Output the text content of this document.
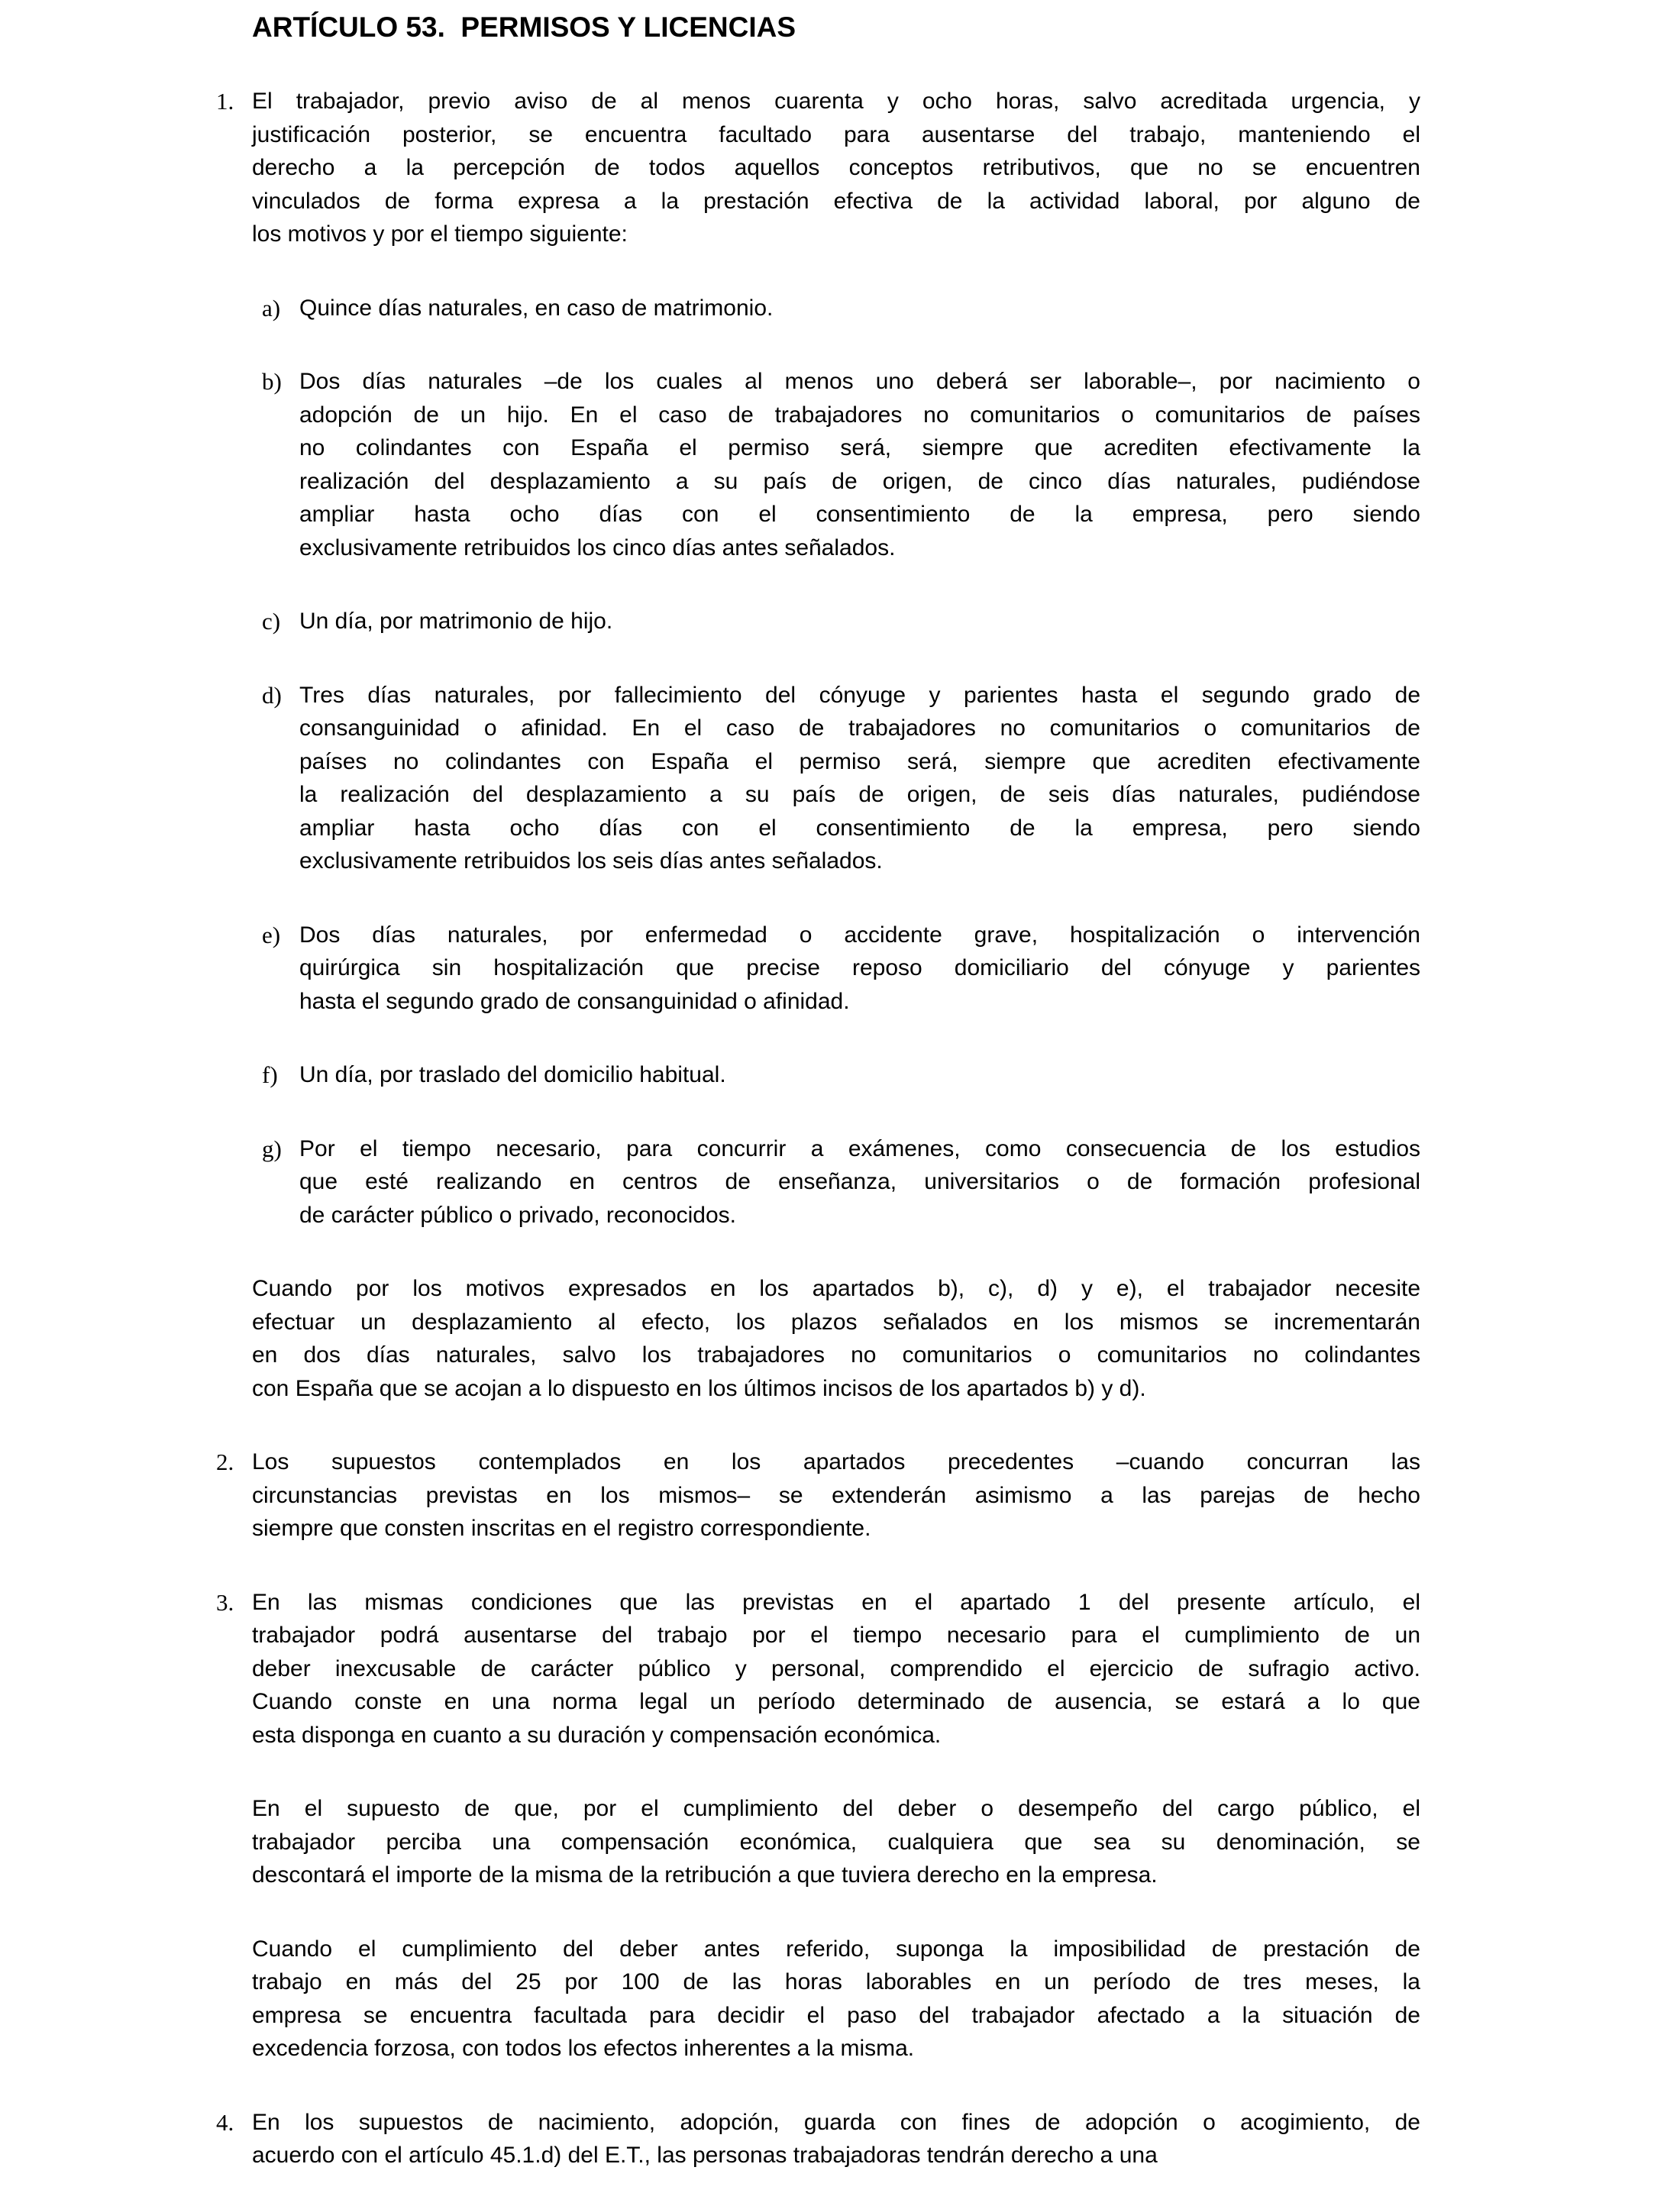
ARTÍCULO 53.  PERMISOS Y LICENCIAS
1. El trabajador, previo aviso de al menos cuarenta y ocho horas, salvo acreditada urgencia, y
justificación posterior, se encuentra facultado para ausentarse del trabajo, manteniendo el
derecho a la percepción de todos aquellos conceptos retributivos, que no se encuentren
vinculados de forma expresa a la prestación efectiva de la actividad laboral, por alguno de
los motivos y por el tiempo siguiente:
a) Quince días naturales, en caso de matrimonio.
b) Dos días naturales –de los cuales al menos uno deberá ser laborable–, por nacimiento o
adopción de un hijo. En el caso de trabajadores no comunitarios o comunitarios de países
no colindantes con España el permiso será, siempre que acrediten efectivamente la
realización del desplazamiento a su país de origen, de cinco días naturales, pudiéndose
ampliar hasta ocho días con el consentimiento de la empresa, pero siendo
exclusivamente retribuidos los cinco días antes señalados.
c) Un día, por matrimonio de hijo.
d) Tres días naturales, por fallecimiento del cónyuge y parientes hasta el segundo grado de
consanguinidad o afinidad. En el caso de trabajadores no comunitarios o comunitarios de
países no colindantes con España el permiso será, siempre que acrediten efectivamente
la realización del desplazamiento a su país de origen, de seis días naturales, pudiéndose
ampliar hasta ocho días con el consentimiento de la empresa, pero siendo
exclusivamente retribuidos los seis días antes señalados.
e) Dos días naturales, por enfermedad o accidente grave, hospitalización o intervención
quirúrgica sin hospitalización que precise reposo domiciliario del cónyuge y parientes
hasta el segundo grado de consanguinidad o afinidad.
f) Un día, por traslado del domicilio habitual.
g) Por el tiempo necesario, para concurrir a exámenes, como consecuencia de los estudios
que esté realizando en centros de enseñanza, universitarios o de formación profesional
de carácter público o privado, reconocidos.
Cuando por los motivos expresados en los apartados b), c), d) y e), el trabajador necesite
efectuar un desplazamiento al efecto, los plazos señalados en los mismos se incrementarán
en dos días naturales, salvo los trabajadores no comunitarios o comunitarios no colindantes
con España que se acojan a lo dispuesto en los últimos incisos de los apartados b) y d).
2. Los supuestos contemplados en los apartados precedentes –cuando concurran las
circunstancias previstas en los mismos– se extenderán asimismo a las parejas de hecho
siempre que consten inscritas en el registro correspondiente.
3. En las mismas condiciones que las previstas en el apartado 1 del presente artículo, el
trabajador podrá ausentarse del trabajo por el tiempo necesario para el cumplimiento de un
deber inexcusable de carácter público y personal, comprendido el ejercicio de sufragio activo.
Cuando conste en una norma legal un período determinado de ausencia, se estará a lo que
esta disponga en cuanto a su duración y compensación económica.
En el supuesto de que, por el cumplimiento del deber o desempeño del cargo público, el
trabajador perciba una compensación económica, cualquiera que sea su denominación, se
descontará el importe de la misma de la retribución a que tuviera derecho en la empresa.
Cuando el cumplimiento del deber antes referido, suponga la imposibilidad de prestación de
trabajo en más del 25 por 100 de las horas laborables en un período de tres meses, la
empresa se encuentra facultada para decidir el paso del trabajador afectado a la situación de
excedencia forzosa, con todos los efectos inherentes a la misma.
4. En los supuestos de nacimiento, adopción, guarda con fines de adopción o acogimiento, de
acuerdo con el artículo 45.1.d) del E.T., las personas trabajadoras tendrán derecho a una
